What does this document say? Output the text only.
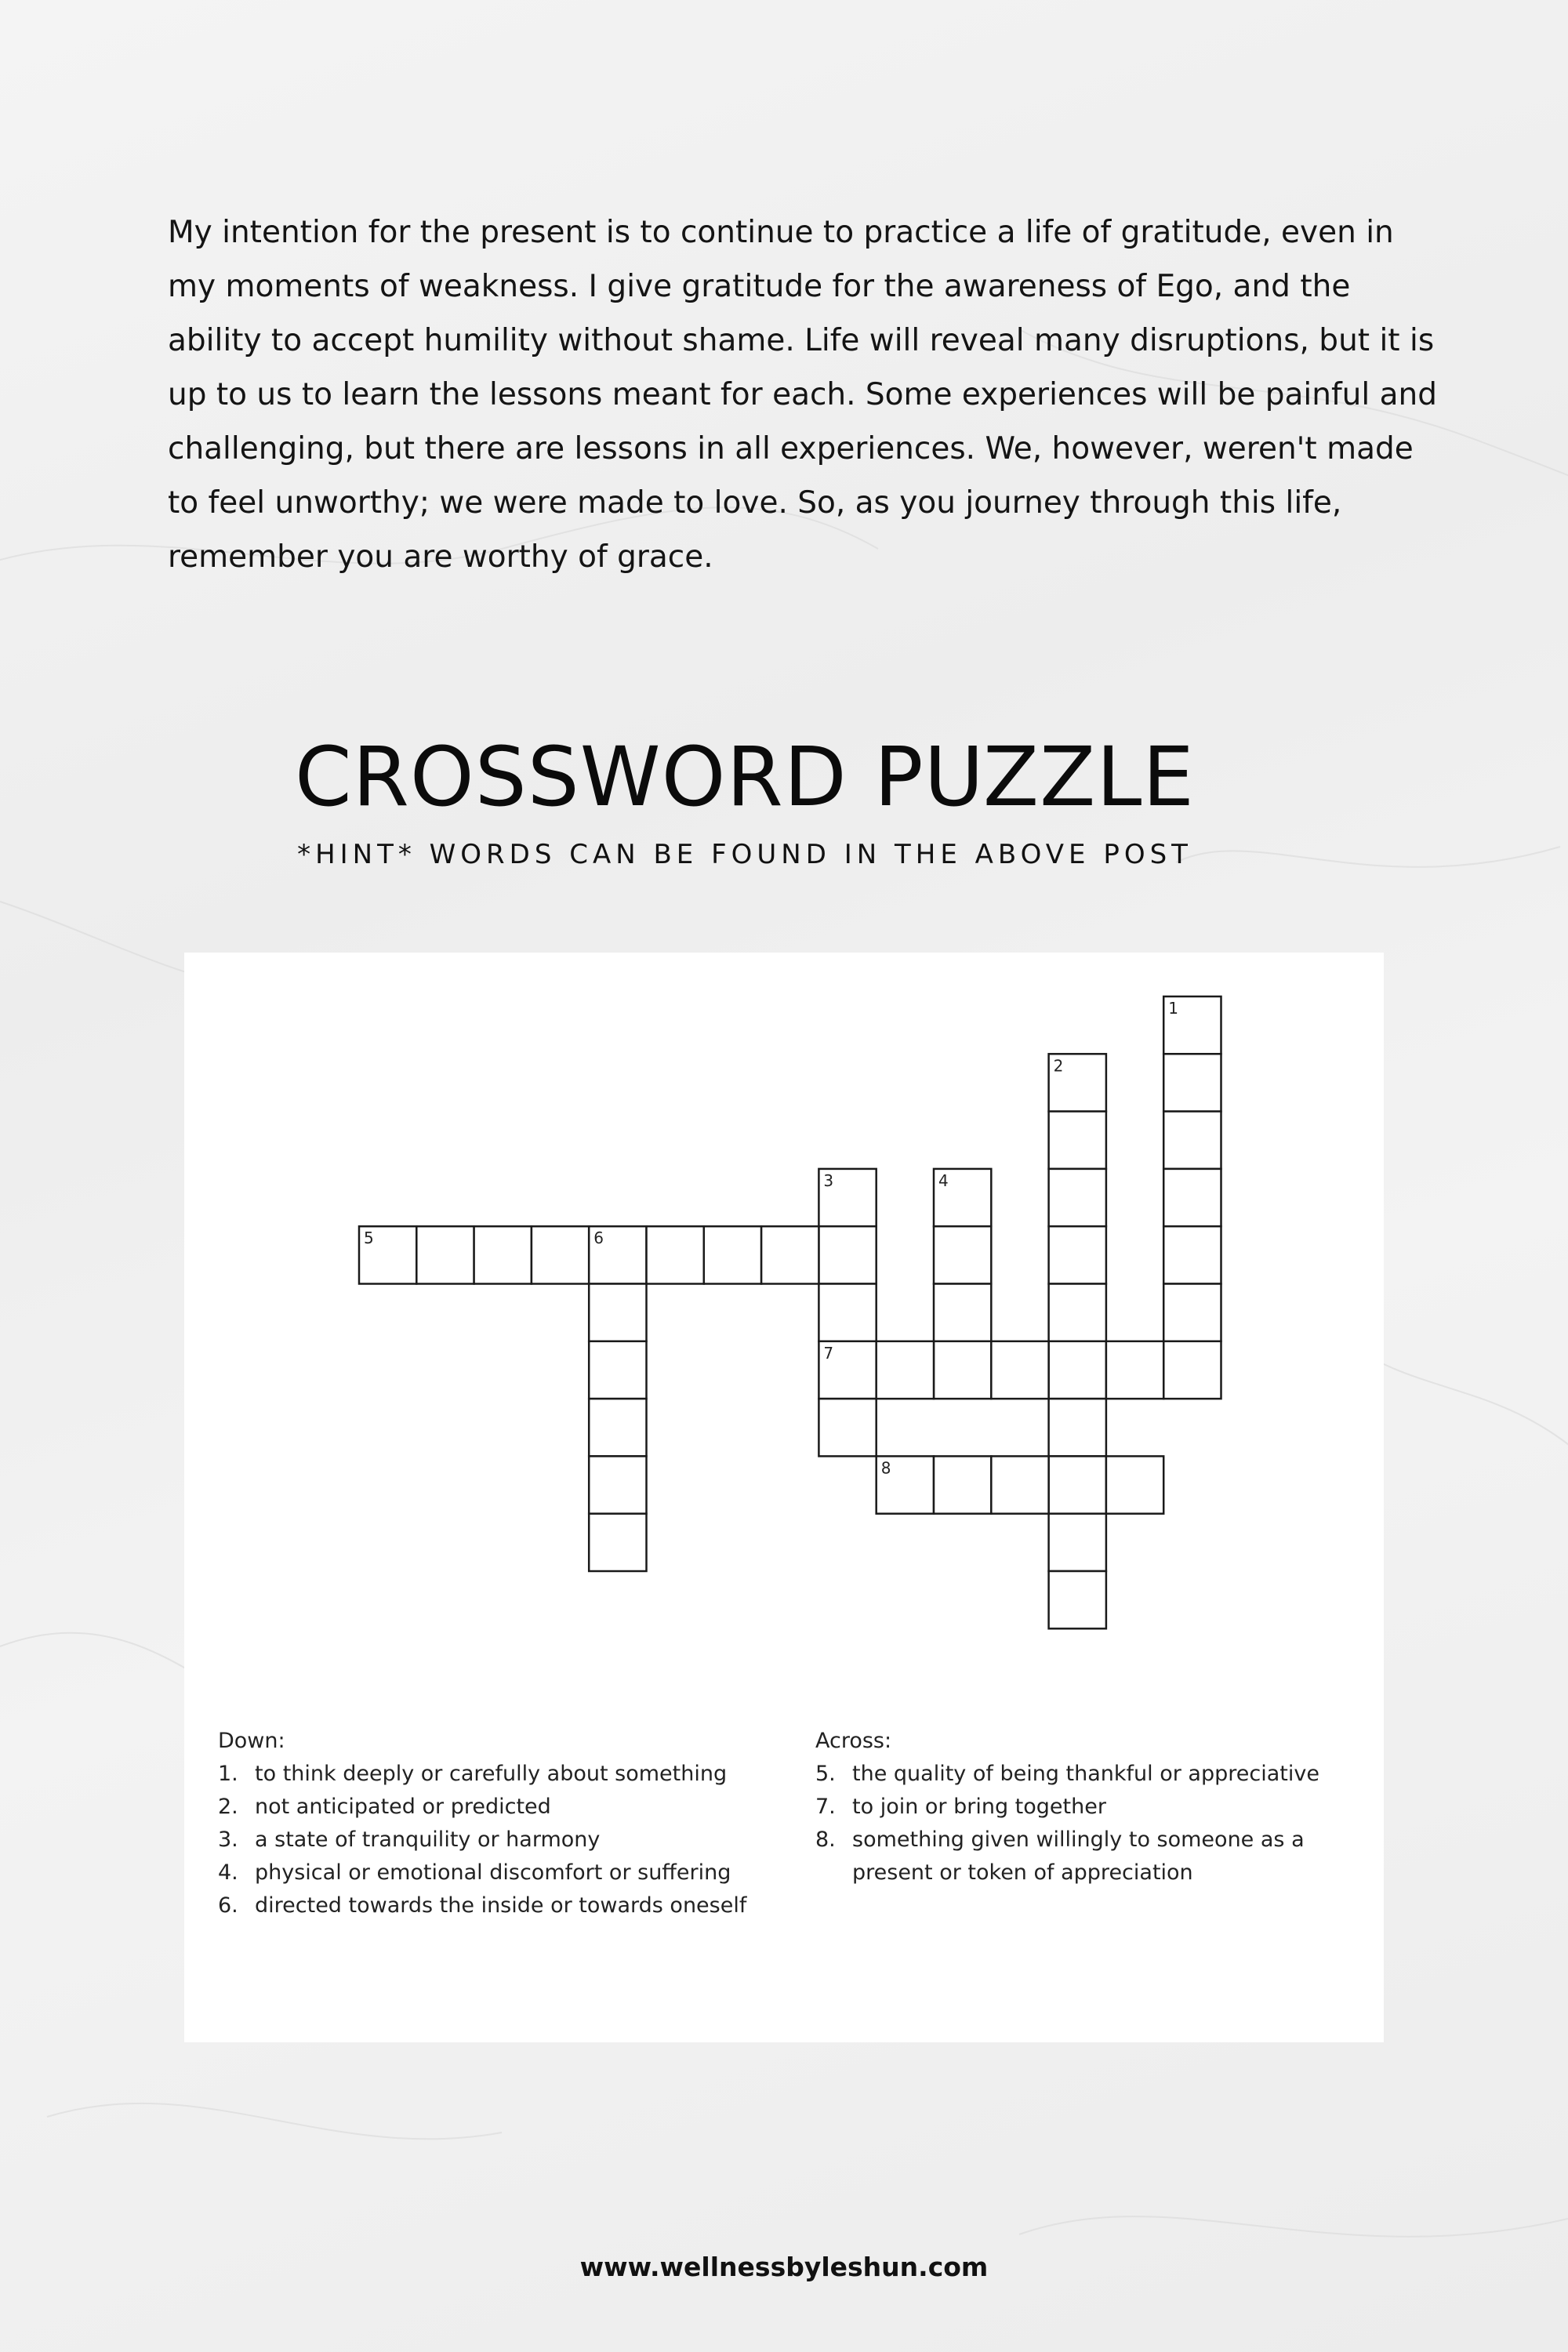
My intention for the present is to continue to practice a life of gratitude, even in my moments of weakness. I give gratitude for the awareness of Ego, and the ability to accept humility without shame. Life will reveal many disruptions, but it is up to us to learn the lessons meant for each. Some experiences will be painful and challenging, but there are lessons in all experiences. We, however, weren't made to feel unworthy; we were made to love. So, as you journey through this life, remember you are worthy of grace.

CROSSWORD PUZZLE
*HINT* WORDS CAN BE FOUND IN THE ABOVE POST
1
2
3	4
5	6
7
8

Down:

1. to think deeply or carefully about something
2. not anticipated or predicted
3. a state of tranquility or harmony
4. physical or emotional discomfort or suffering
6. directed towards the inside or towards oneself

Across:

5. the quality of being thankful or appreciative
7. to join or bring together
8. something given willingly to someone as a present or token of appreciation
www.wellnessbyleshun.com
